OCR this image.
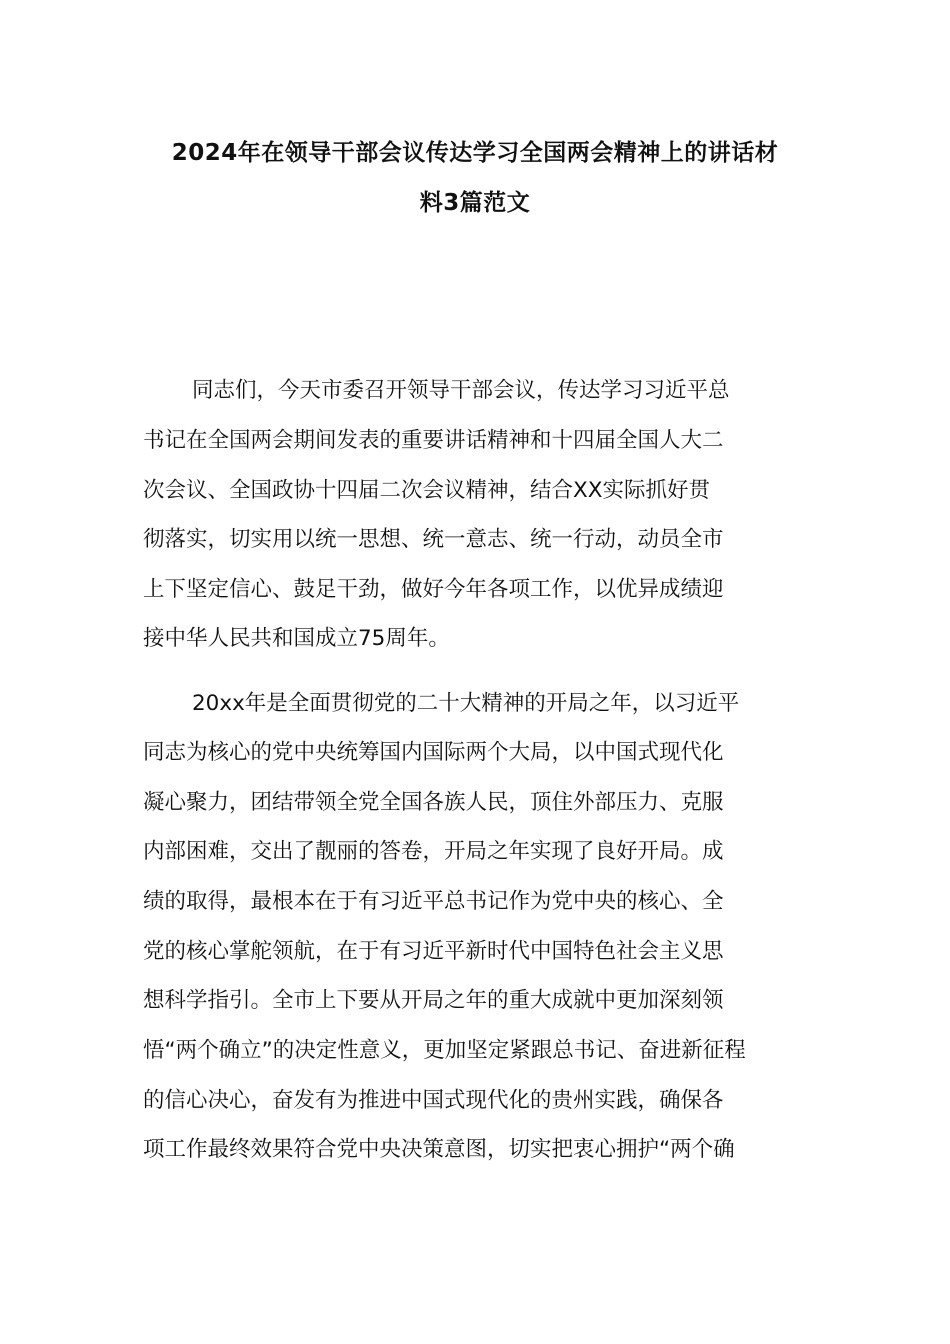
2024年在领导干部会议传达学习全国两会精神上的讲话材
料3篇范文
同志们，今天市委召开领导干部会议，传达学习习近平总
书记在全国两会期间发表的重要讲话精神和十四届全国人大二
次会议、全国政协十四届二次会议精神，结合XX实际抓好贯
彻落实，切实用以统一思想、统一意志、统一行动，动员全市
上下坚定信心、鼓足干劲，做好今年各项工作，以优异成绩迎
接中华人民共和国成立75周年。
20xx年是全面贯彻党的二十大精神的开局之年，以习近平
同志为核心的党中央统筹国内国际两个大局，以中国式现代化
凝心聚力，团结带领全党全国各族人民，顶住外部压力、克服
内部困难，交出了靓丽的答卷，开局之年实现了良好开局。成
绩的取得，最根本在于有习近平总书记作为党中央的核心、全
党的核心掌舵领航，在于有习近平新时代中国特色社会主义思
想科学指引。全市上下要从开局之年的重大成就中更加深刻领
悟“两个确立”的决定性意义，更加坚定紧跟总书记、奋进新征程
的信心决心，奋发有为推进中国式现代化的贵州实践，确保各
项工作最终效果符合党中央决策意图，切实把衷心拥护“两个确
